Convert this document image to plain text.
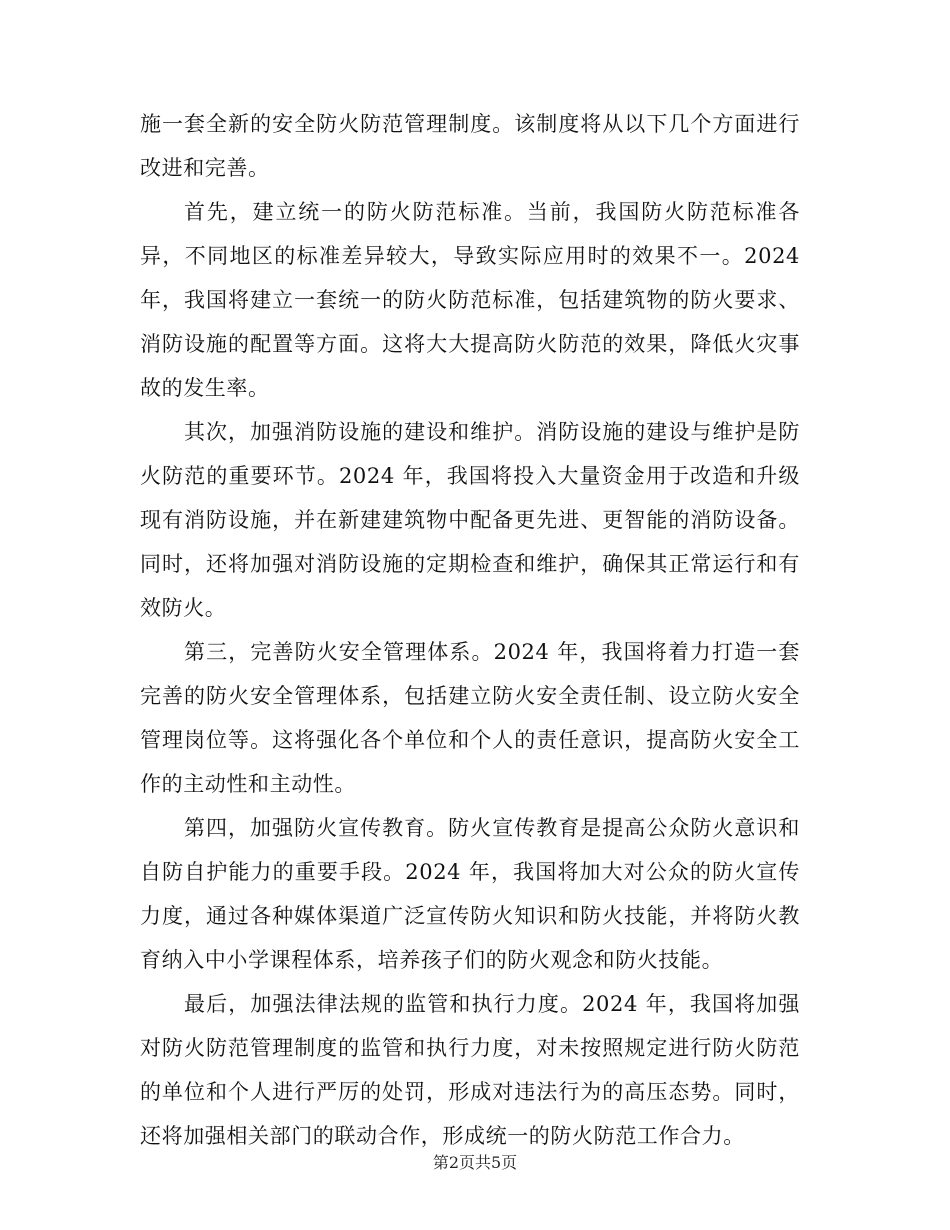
施一套全新的安全防火防范管理制度。该制度将从以下几个方面进行改进和完善。

首先，建立统一的防火防范标准。当前，我国防火防范标准各异，不同地区的标准差异较大，导致实际应用时的效果不一。2024 年，我国将建立一套统一的防火防范标准，包括建筑物的防火要求、消防设施的配置等方面。这将大大提高防火防范的效果，降低火灾事故的发生率。

其次，加强消防设施的建设和维护。消防设施的建设与维护是防火防范的重要环节。2024 年，我国将投入大量资金用于改造和升级现有消防设施，并在新建建筑物中配备更先进、更智能的消防设备。同时，还将加强对消防设施的定期检查和维护，确保其正常运行和有效防火。

第三，完善防火安全管理体系。2024 年，我国将着力打造一套完善的防火安全管理体系，包括建立防火安全责任制、设立防火安全管理岗位等。这将强化各个单位和个人的责任意识，提高防火安全工作的主动性和主动性。

第四，加强防火宣传教育。防火宣传教育是提高公众防火意识和自防自护能力的重要手段。2024 年，我国将加大对公众的防火宣传力度，通过各种媒体渠道广泛宣传防火知识和防火技能，并将防火教育纳入中小学课程体系，培养孩子们的防火观念和防火技能。

最后，加强法律法规的监管和执行力度。2024 年，我国将加强对防火防范管理制度的监管和执行力度，对未按照规定进行防火防范的单位和个人进行严厉的处罚，形成对违法行为的高压态势。同时，还将加强相关部门的联动合作，形成统一的防火防范工作合力。

第2页共5页
